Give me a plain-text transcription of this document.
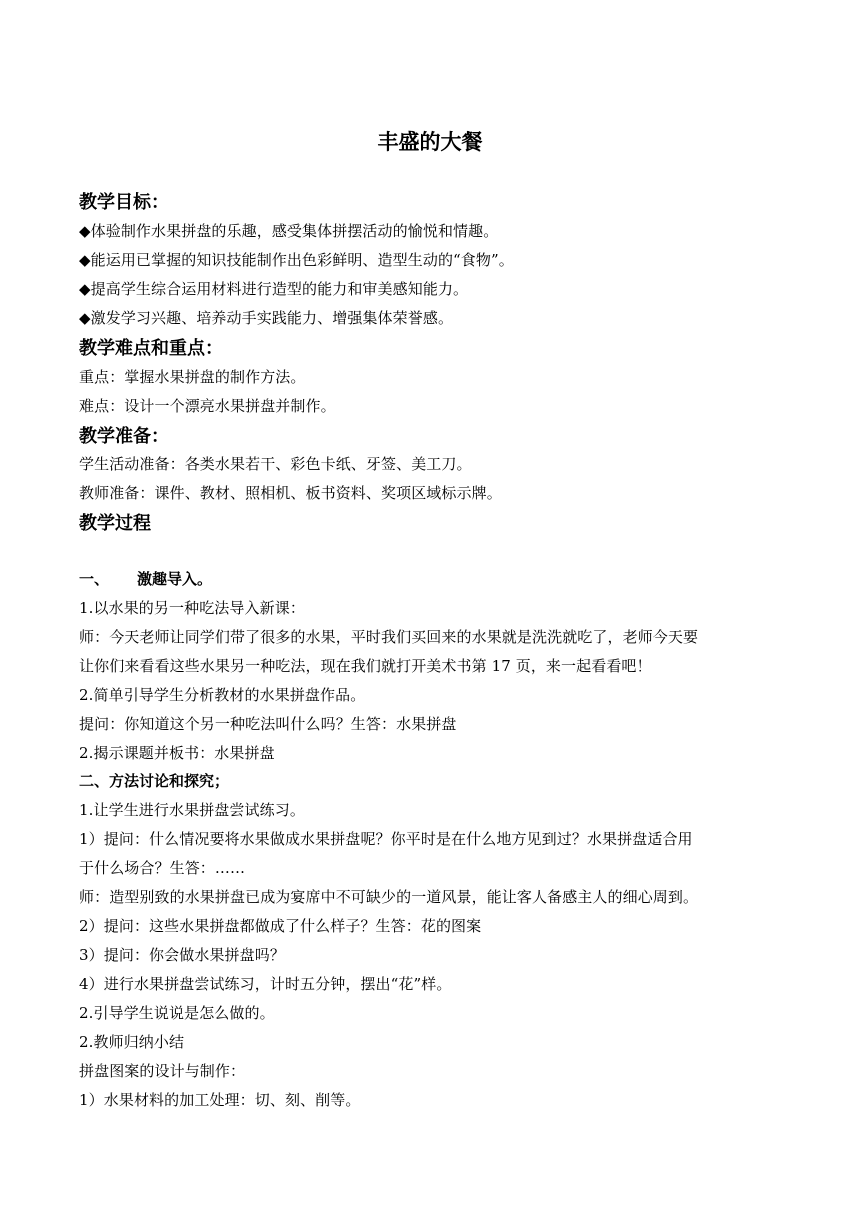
丰盛的大餐
教学目标：
◆体验制作水果拼盘的乐趣，感受集体拼摆活动的愉悦和情趣。
◆能运用已掌握的知识技能制作出色彩鲜明、造型生动的“食物”。
◆提高学生综合运用材料进行造型的能力和审美感知能力。
◆激发学习兴趣、培养动手实践能力、增强集体荣誉感。
教学难点和重点：
重点：掌握水果拼盘的制作方法。
难点：设计一个漂亮水果拼盘并制作。
教学准备：
学生活动准备：各类水果若干、彩色卡纸、牙签、美工刀。
教师准备：课件、教材、照相机、板书资料、奖项区域标示牌。
教学过程
一、 激趣导入。
1.以水果的另一种吃法导入新课：
师：今天老师让同学们带了很多的水果，平时我们买回来的水果就是洗洗就吃了，老师今天要
让你们来看看这些水果另一种吃法，现在我们就打开美术书第 17 页，来一起看看吧！
2.简单引导学生分析教材的水果拼盘作品。
提问：你知道这个另一种吃法叫什么吗？生答：水果拼盘
2.揭示课题并板书：水果拼盘
二、方法讨论和探究；
1.让学生进行水果拼盘尝试练习。
1）提问：什么情况要将水果做成水果拼盘呢？你平时是在什么地方见到过？水果拼盘适合用
于什么场合？生答：……
师：造型别致的水果拼盘已成为宴席中不可缺少的一道风景，能让客人备感主人的细心周到。
2）提问：这些水果拼盘都做成了什么样子？生答：花的图案
3）提问：你会做水果拼盘吗？
4）进行水果拼盘尝试练习，计时五分钟，摆出“花”样。
2.引导学生说说是怎么做的。
2.教师归纳小结
拼盘图案的设计与制作：
1）水果材料的加工处理：切、刻、削等。
